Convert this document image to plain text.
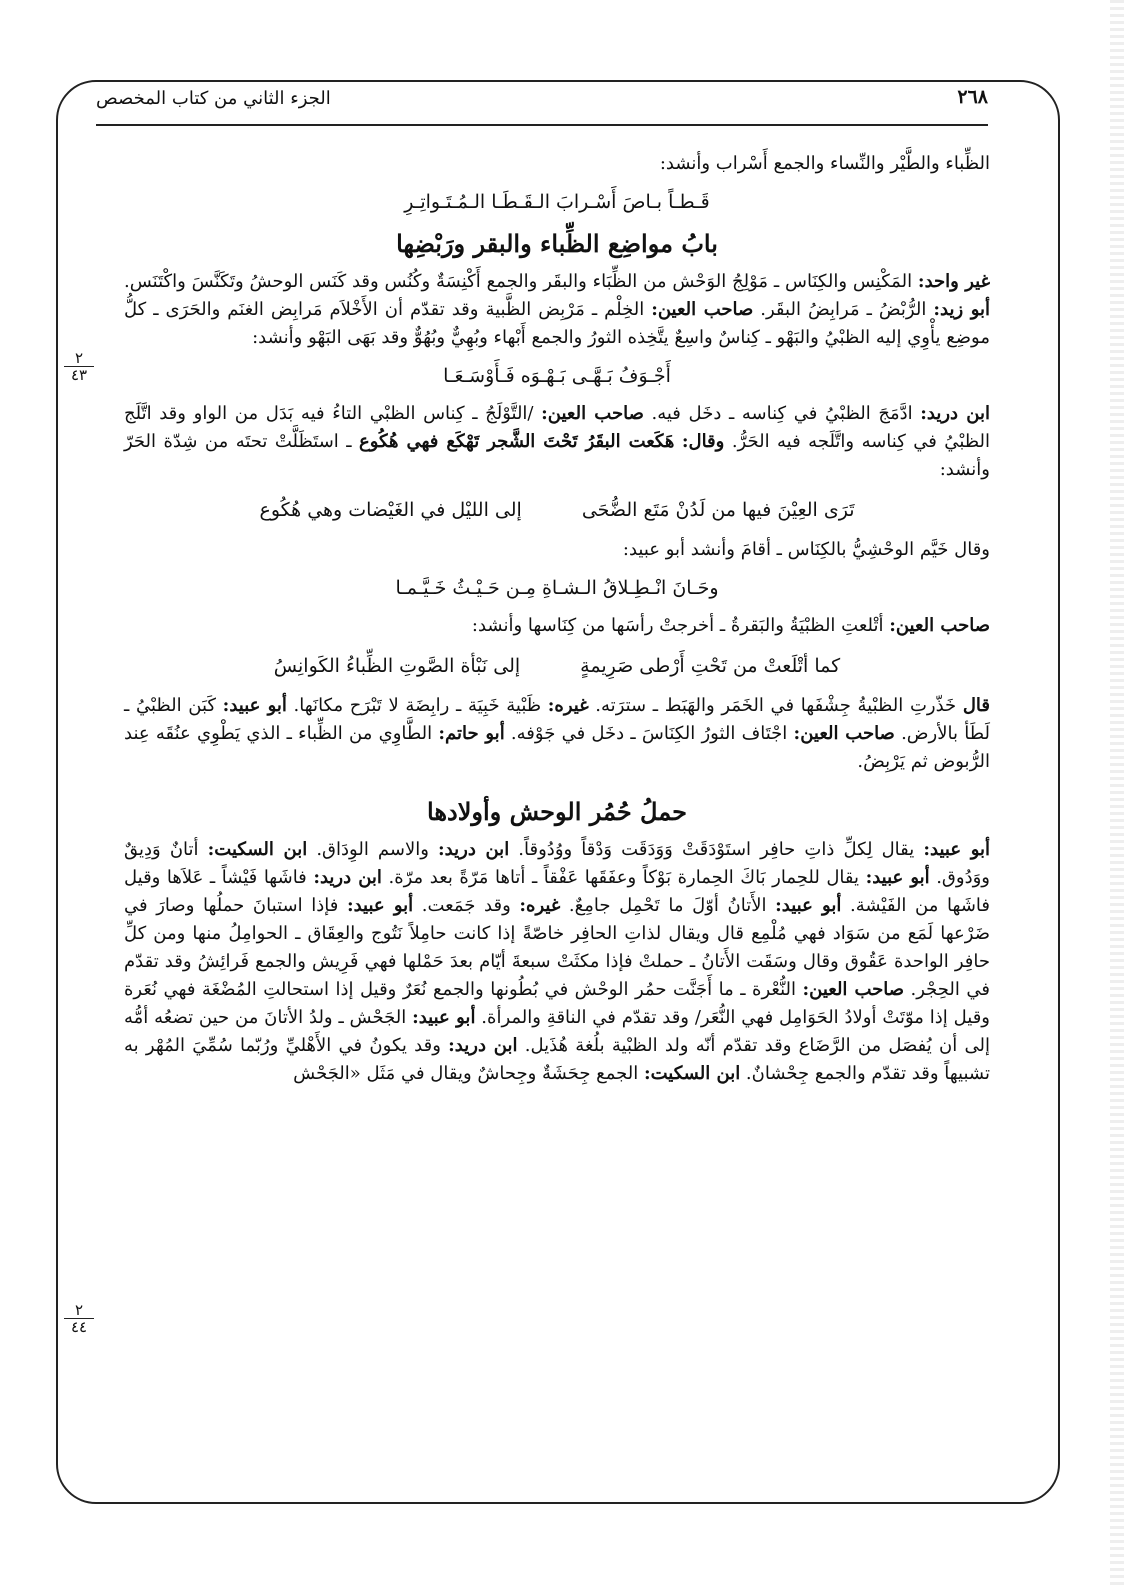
٢٦٨
الجزء الثاني من كتاب المخصص
٢
٤٣
٢
٤٤

الظِّباء والطَّيْر والنِّساء والجمع أَسْراب وأنشد:

قَـطـاً بـاصَ أَسْـرابَ الـقَـطَـا الـمُـتَـواتِـرِ
بابُ مواضِع الظِّباء والبقر ورَبْضِها

غير واحد: المَكْنِس والكِنَاس ـ مَوْلِجُ الوَحْش من الظِّبَاء والبقَر والجمع أَكْنِسَةٌ وكُنُس وقد كَنَس الوحشُ وتَكَنَّسَ واكْتَنَس. أبو زيد: الرُّبْضُ ـ مَرابِضُ البقَر. صاحب العين: الخِلْم ـ مَرْبِض الظَّبية وقد تقدّم أن الأَخْلاَم مَرابِض الغنَم والحَرَى ـ كلُّ موضِع يأْوِي إليه الظبْيُ والبَهْو ـ كِناسٌ واسِعٌ يتَّخِذه الثورُ والجمع أَبْهاء وبُهِيٌّ وبُهُوٌّ وقد بَهَى البَهْو وأنشد:

أَجْـوَفُ بَـهَّـى بَـهْـوَه فَـأَوْسَـعَـا

ابن دريد: ادَّمَجَ الظبْيُ في كِناسه ـ دخَل فيه. صاحب العين: /التَّوْلَجُ ـ كِناس الظبْي التاءُ فيه بَدَل من الواو وقد اتَّلَج الظبْيُ في كِناسه واتَّلَجه فيه الحَرُّ. وقال: هَكَعت البقَرُ تَحْتَ الشَّجر تَهْكَع فهي هُكُوع ـ استَظَلَّتْ تحتَه من شِدّة الحَرّ وأنشد:

تَرَى العِيْنَ فيها من لَدُنْ مَتَع الضُّحَى
إلى الليْل في الغَيْضات وهي هُكُوع

وقال خَيَّم الوحْشِيُّ بالكِنَاس ـ أقامَ وأنشد أبو عبيد:

وحَـانَ انْـطِـلاقُ الـشـاةِ مِـن حَـيْـثُ خَـيَّـمـا

صاحب العين: أتْلعتِ الظبْيَةُ والبَقرةُ ـ أخرجتْ رأسَها من كِنَاسها وأنشد:

كما أتْلَعتْ من تَحْتِ أَرْطى صَرِيمةٍ
إلى نَبْأة الصَّوتِ الظِّباءُ الكَوانِسُ

قال خَذّرتِ الظبْيةُ جِشْفَها في الخَمَر والهَبَط ـ سترَته. غيره: ظَبْية خَبِيَة ـ رابِضَة لا تَبْرَح مكانَها. أبو عبيد: كَبَن الظبْيُ ـ لَطَأ بالأرض. صاحب العين: اجْتَاف الثورُ الكِنَاسَ ـ دخَل في جَوْفه. أبو حاتم: الطَّاوِي من الظِّباء ـ الذي يَطْوِي عنُقَه عِند الرُّبوض ثم يَرْبِضُ.

حملُ حُمُر الوحش وأولادها

أبو عبيد: يقال لِكلِّ ذاتِ حافِر استَوْدَقَتْ وَوَدَقَت وَدْقاً ووُدُوقاً. ابن دريد: والاسم الوِدَاق. ابن السكيت: أتانٌ وَدِيقٌ ووَدُوق. أبو عبيد: يقال للحِمار بَاكَ الحِمارة بَوْكاً وعفَقَها عَفْقاً ـ أتاها مَرّةً بعد مرّة. ابن دريد: فاشَها فَيْشاً ـ عَلاَها وقيل فاشَها من الفَيْشة. أبو عبيد: الأَتانُ أوّلَ ما تَحْمِل جامِعٌ. غيره: وقد جَمَعت. أبو عبيد: فإذا استبانَ حملُها وصارَ في ضَرْعها لَمَع من سَوَاد فهي مُلْمِع قال ويقال لذاتِ الحافِر خاصّةً إذا كانت حامِلاً نَتُوج والعِقَاق ـ الحوامِلُ منها ومن كلِّ حافِر الواحدة عَقُوق وقال وسَقَت الأَتانُ ـ حملتْ فإذا مكثَتْ سبعةَ أيّام بعدَ حَمْلها فهي فَرِيش والجمع فَرائِشُ وقد تقدّم في الحِجْر. صاحب العين: النُّعْرة ـ ما أَجَنَّت حمُر الوحْش في بُطُونها والجمع نُعَرٌ وقيل إذا استحالتِ المُضْغَة فهي نُعَرة وقيل إذا موّتَتْ أولادُ الحَوَامِل فهي النُّعَر/ وقد تقدّم في الناقةِ والمرأة. أبو عبيد: الجَحْش ـ ولدُ الأتانَ من حين تضعُه أمُّه إلى أن يُفصَل من الرَّضَاع وقد تقدّم أنّه ولد الظبْية بلُغة هُذَيل. ابن دريد: وقد يكونُ في الأَهْليِّ ورُبّما سُمِّيَ المُهْر به تشبيهاً وقد تقدّم والجمع جِحْشانٌ. ابن السكيت: الجمع جِحَشَةٌ وجِحاشٌ ويقال في مَثَل «الجَحْش
